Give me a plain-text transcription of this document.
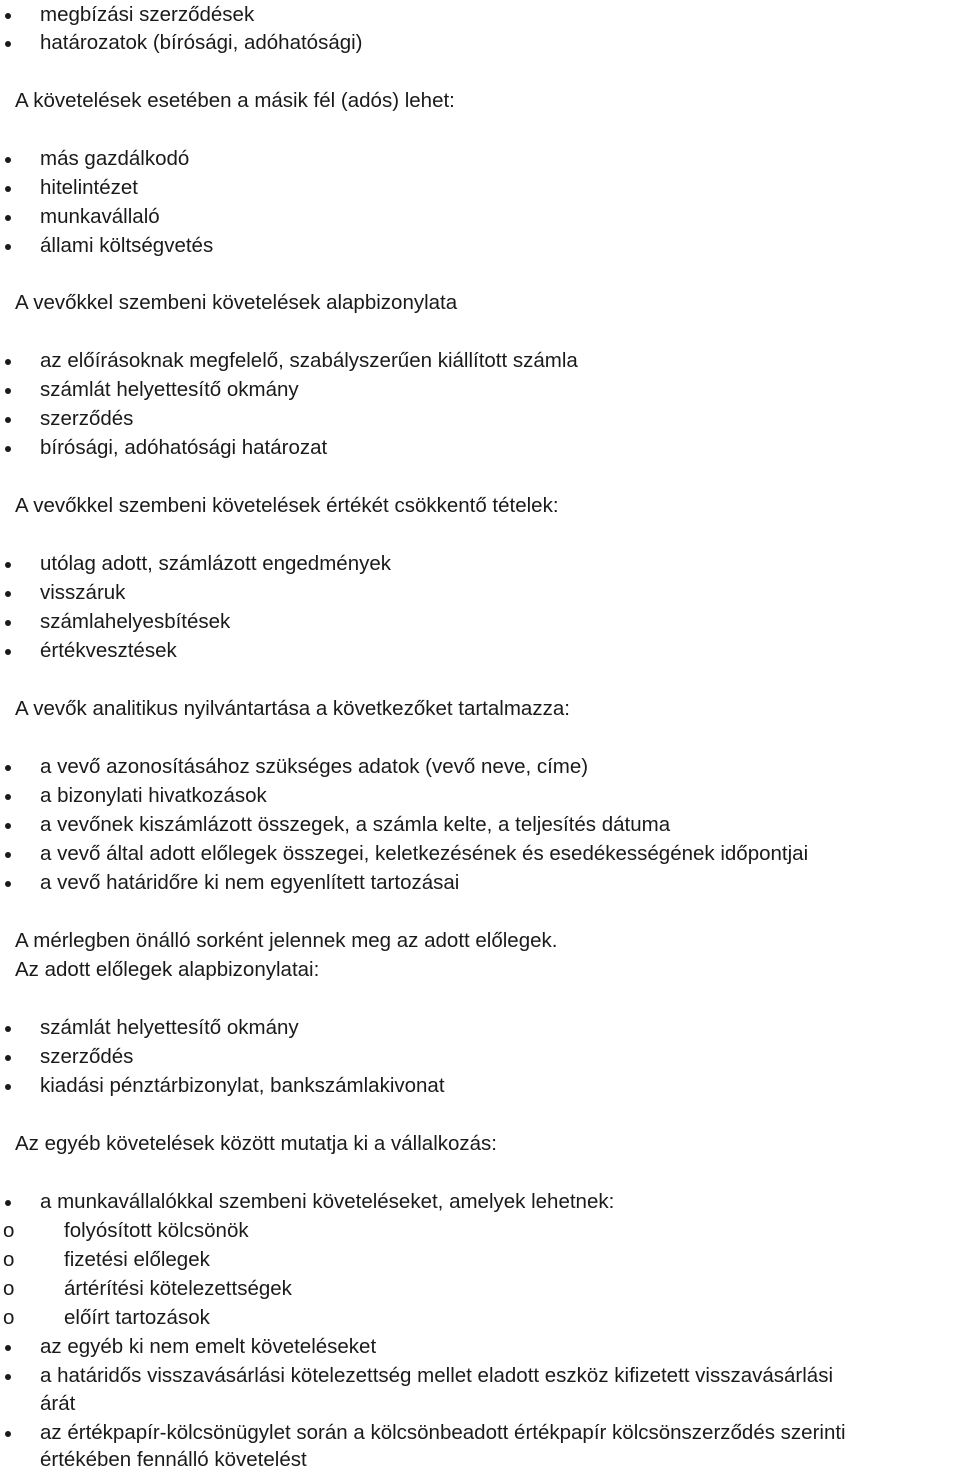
megbízási szerződések
határozatok (bírósági, adóhatósági)
A követelések esetében a másik fél (adós) lehet:
más gazdálkodó
hitelintézet
munkavállaló
állami költségvetés
A vevőkkel szembeni követelések alapbizonylata
az előírásoknak megfelelő, szabályszerűen kiállított számla
számlát helyettesítő okmány
szerződés
bírósági, adóhatósági határozat
A vevőkkel szembeni követelések értékét csökkentő tételek:
utólag adott, számlázott engedmények
visszáruk
számlahelyesbítések
értékvesztések
A vevők analitikus nyilvántartása a következőket tartalmazza:
a vevő azonosításához szükséges adatok (vevő neve, címe)
a bizonylati hivatkozások
a vevőnek kiszámlázott összegek, a számla kelte, a teljesítés dátuma
a vevő által adott előlegek összegei, keletkezésének és esedékességének időpontjai
a vevő határidőre ki nem egyenlített tartozásai
A mérlegben önálló sorként jelennek meg az adott előlegek.
Az adott előlegek alapbizonylatai:
számlát helyettesítő okmány
szerződés
kiadási pénztárbizonylat, bankszámlakivonat
Az egyéb követelések között mutatja ki a vállalkozás:
a munkavállalókkal szembeni követeléseket, amelyek lehetnek:
o folyósított kölcsönök
o fizetési előlegek
o ártérítési kötelezettségek
o előírt tartozások
az egyéb ki nem emelt követeléseket
a határidős visszavásárlási kötelezettség mellet eladott eszköz kifizetett visszavásárlási
árát
az értékpapír-kölcsönügylet során a kölcsönbeadott értékpapír kölcsönszerződés szerinti
értékében fennálló követelést
